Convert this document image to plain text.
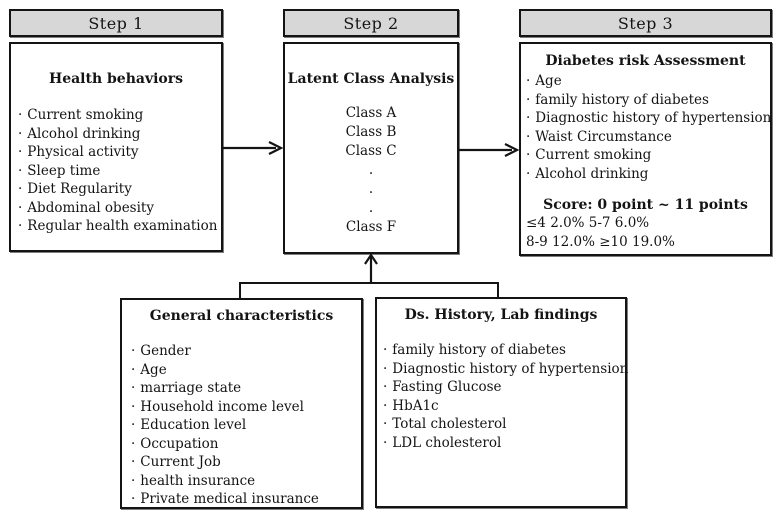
Step 1
Health behaviors
· Current smoking
· Alcohol drinking
· Physical activity
· Sleep time
· Diet Regularity
· Abdominal obesity
· Regular health examination
Step 2
Latent Class Analysis
Class A
Class B
Class C
.
.
.
Class F
Step 3
Diabetes risk Assessment
· Age
· family history of diabetes
· Diagnostic history of hypertension
· Waist Circumstance
· Current smoking
· Alcohol drinking
Score: 0 point ~ 11 points
≤4 2.0% 5-7 6.0%
8-9 12.0% ≥10 19.0%
General characteristics
· Gender
· Age
· marriage state
· Household income level
· Education level
· Occupation
· Current Job
· health insurance
· Private medical insurance
Ds. History, Lab findings
· family history of diabetes
· Diagnostic history of hypertension
· Fasting Glucose
· HbA1c
· Total cholesterol
· LDL cholesterol
